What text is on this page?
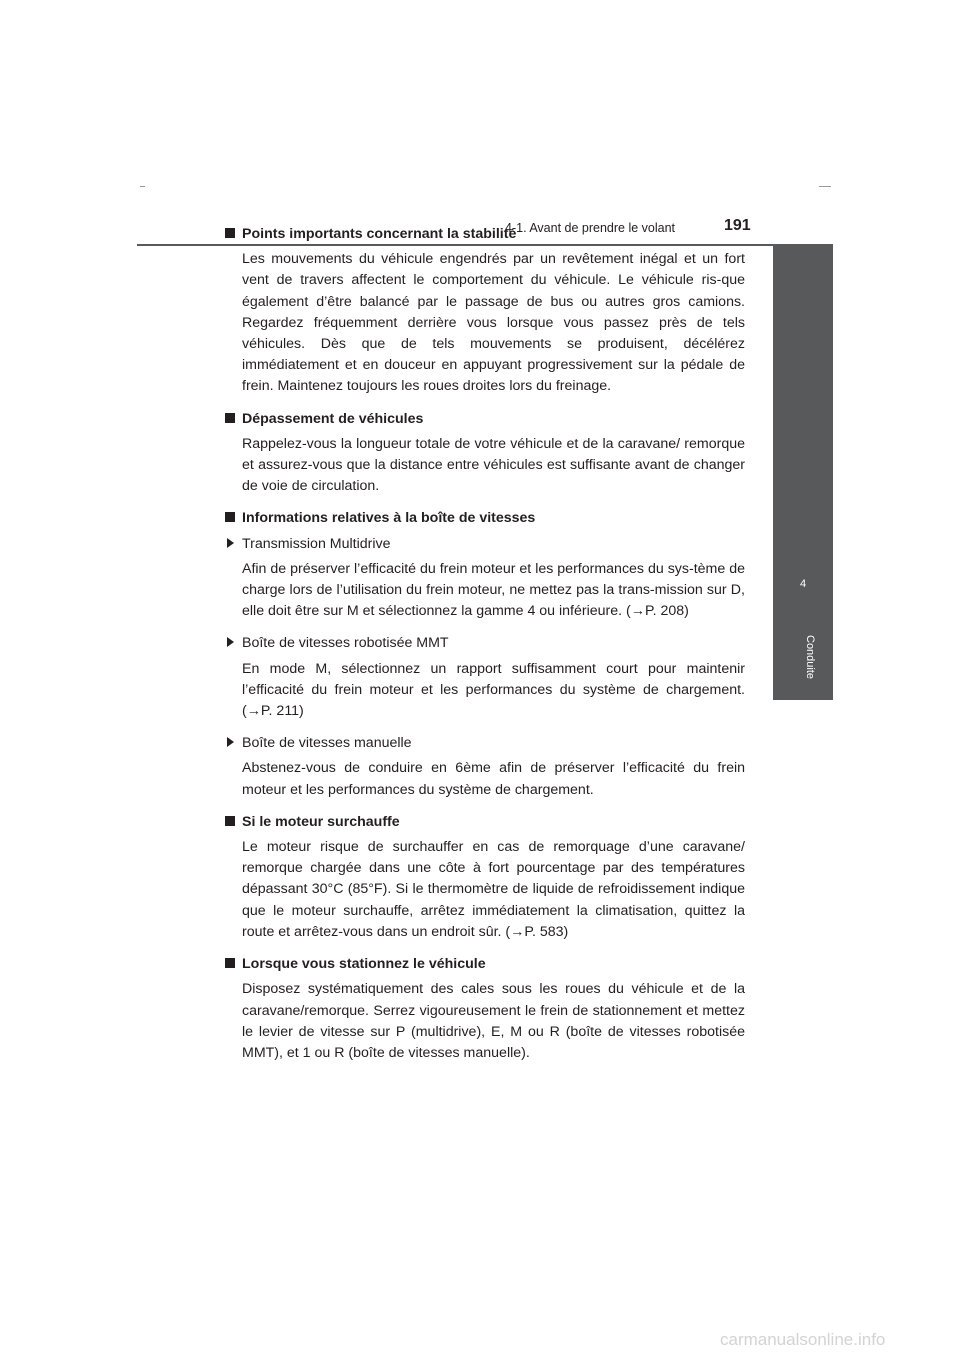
4-1. Avant de prendre le volant	191
4
Conduite
Points importants concernant la stabilité

Les mouvements du véhicule engendrés par un revêtement inégal et un fort vent de travers affectent le comportement du véhicule. Le véhicule ris-que également d’être balancé par le passage de bus ou autres gros camions. Regardez fréquemment derrière vous lorsque vous passez près de tels véhicules. Dès que de tels mouvements se produisent, décélérez immédiatement et en douceur en appuyant progressivement sur la pédale de frein. Maintenez toujours les roues droites lors du freinage.

Dépassement de véhicules

Rappelez-vous la longueur totale de votre véhicule et de la caravane/ remorque et assurez-vous que la distance entre véhicules est suffisante avant de changer de voie de circulation.

Informations relatives à la boîte de vitesses
Transmission Multidrive

Afin de préserver l’efficacité du frein moteur et les performances du sys-tème de charge lors de l’utilisation du frein moteur, ne mettez pas la trans-mission sur D, elle doit être sur M et sélectionnez la gamme 4 ou inférieure. (→P. 208)

Boîte de vitesses robotisée MMT

En mode M, sélectionnez un rapport suffisamment court pour maintenir l’efficacité du frein moteur et les performances du système de chargement. (→P. 211)

Boîte de vitesses manuelle

Abstenez-vous de conduire en 6ème afin de préserver l’efficacité du frein moteur et les performances du système de chargement.

Si le moteur surchauffe

Le moteur risque de surchauffer en cas de remorquage d’une caravane/ remorque chargée dans une côte à fort pourcentage par des températures dépassant 30°C (85°F). Si le thermomètre de liquide de refroidissement indique que le moteur surchauffe, arrêtez immédiatement la climatisation, quittez la route et arrêtez-vous dans un endroit sûr. (→P. 583)

Lorsque vous stationnez le véhicule

Disposez systématiquement des cales sous les roues du véhicule et de la caravane/remorque. Serrez vigoureusement le frein de stationnement et mettez le levier de vitesse sur P (multidrive), E, M ou R (boîte de vitesses robotisée MMT), et 1 ou R (boîte de vitesses manuelle).

carmanualsonline.info
